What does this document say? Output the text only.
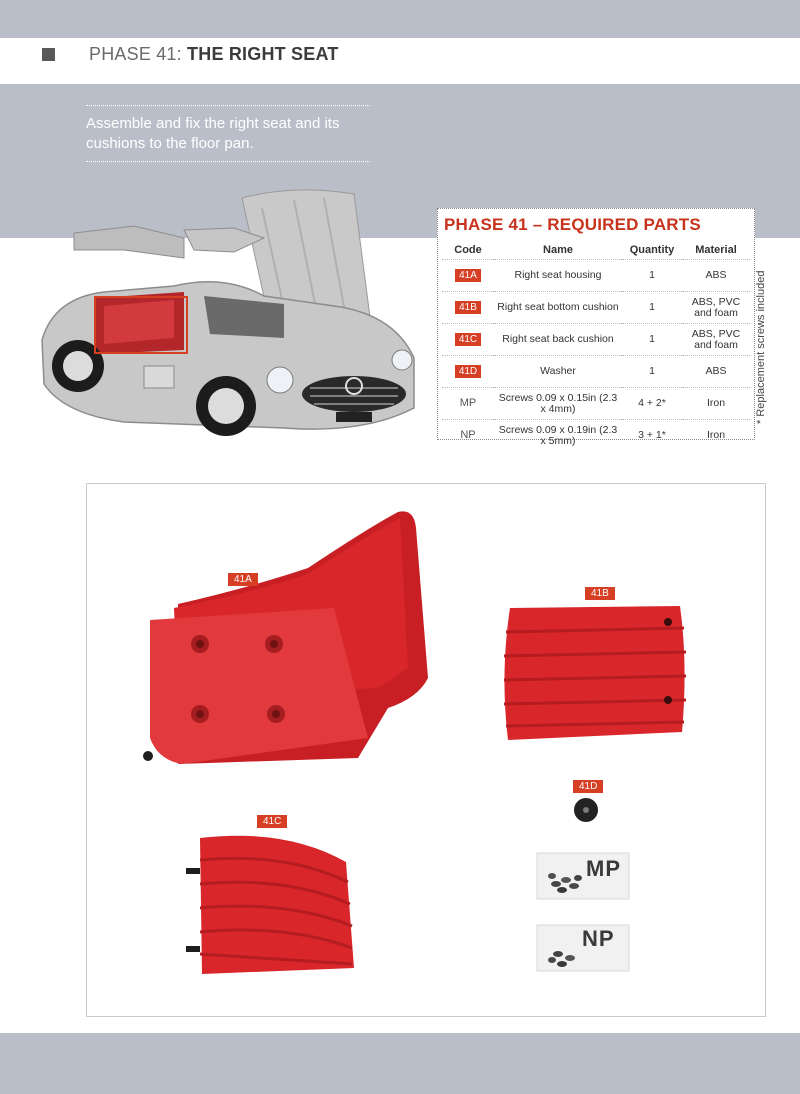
PHASE 41: THE RIGHT SEAT
Assemble and fix the right seat and its cushions to the floor pan.
PHASE 41 – REQUIRED PARTS
Code	Name	Quantity	Material
41A	Right seat housing	1	ABS
41B	Right seat bottom cushion	1	ABS, PVC and foam
41C	Right seat back cushion	1	ABS, PVC and foam
41D	Washer	1	ABS
MP	Screws 0.09 x 0.15in (2.3 x 4mm)	4 + 2*	Iron
NP	Screws 0.09 x 0.19in (2.3 x 5mm)	3 + 1*	Iron
* Replacement screws included
41A
41B
41C
41D
MP
NP
